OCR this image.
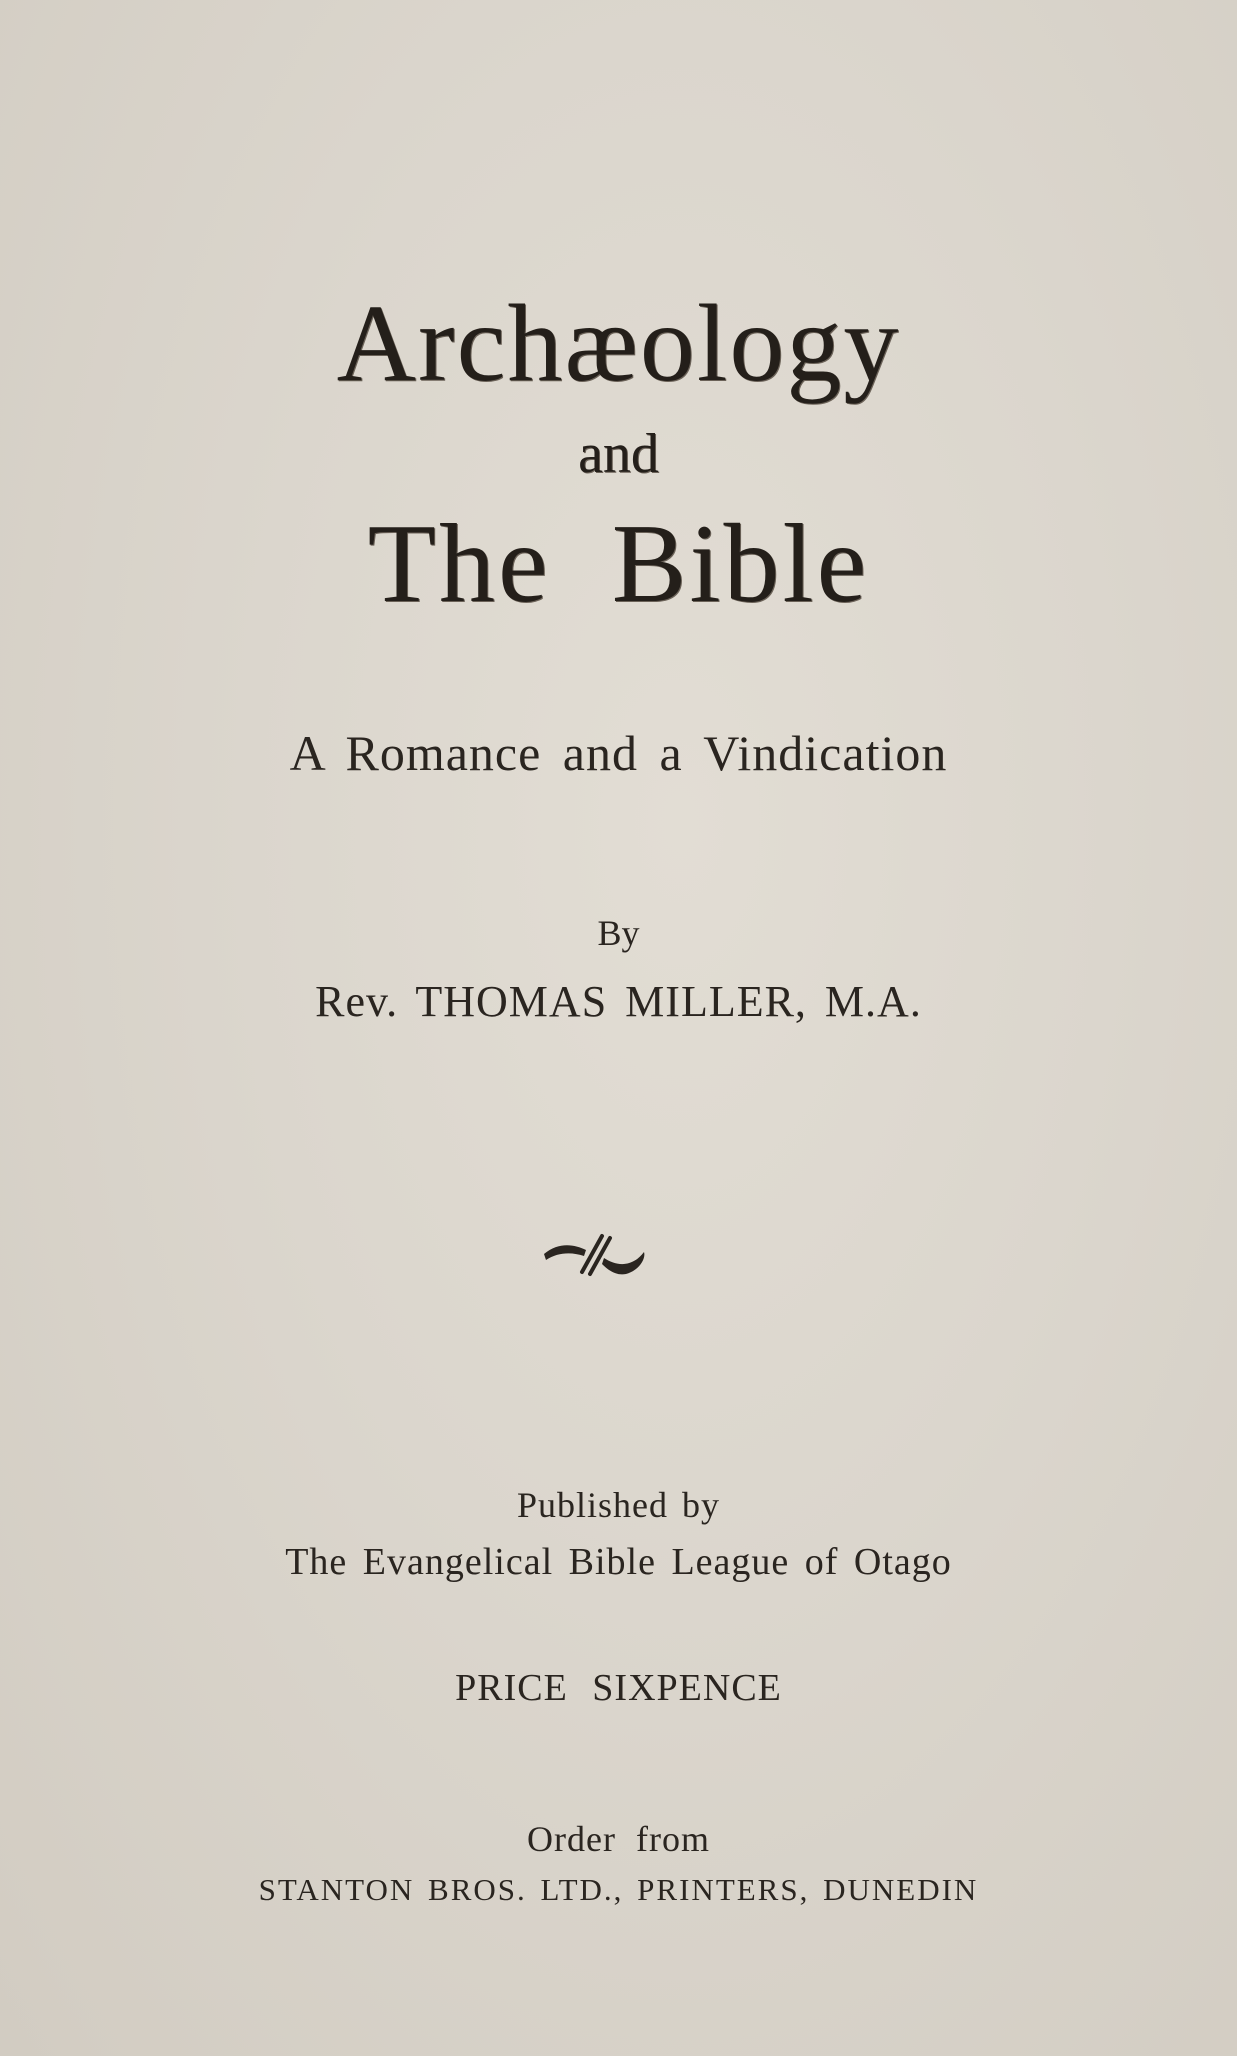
Archæology

and

The Bible

A Romance and a Vindication

By

Rev. THOMAS MILLER, M.A.

Published by

The Evangelical Bible League of Otago

PRICE SIXPENCE

Order from

STANTON BROS. LTD., PRINTERS, DUNEDIN
